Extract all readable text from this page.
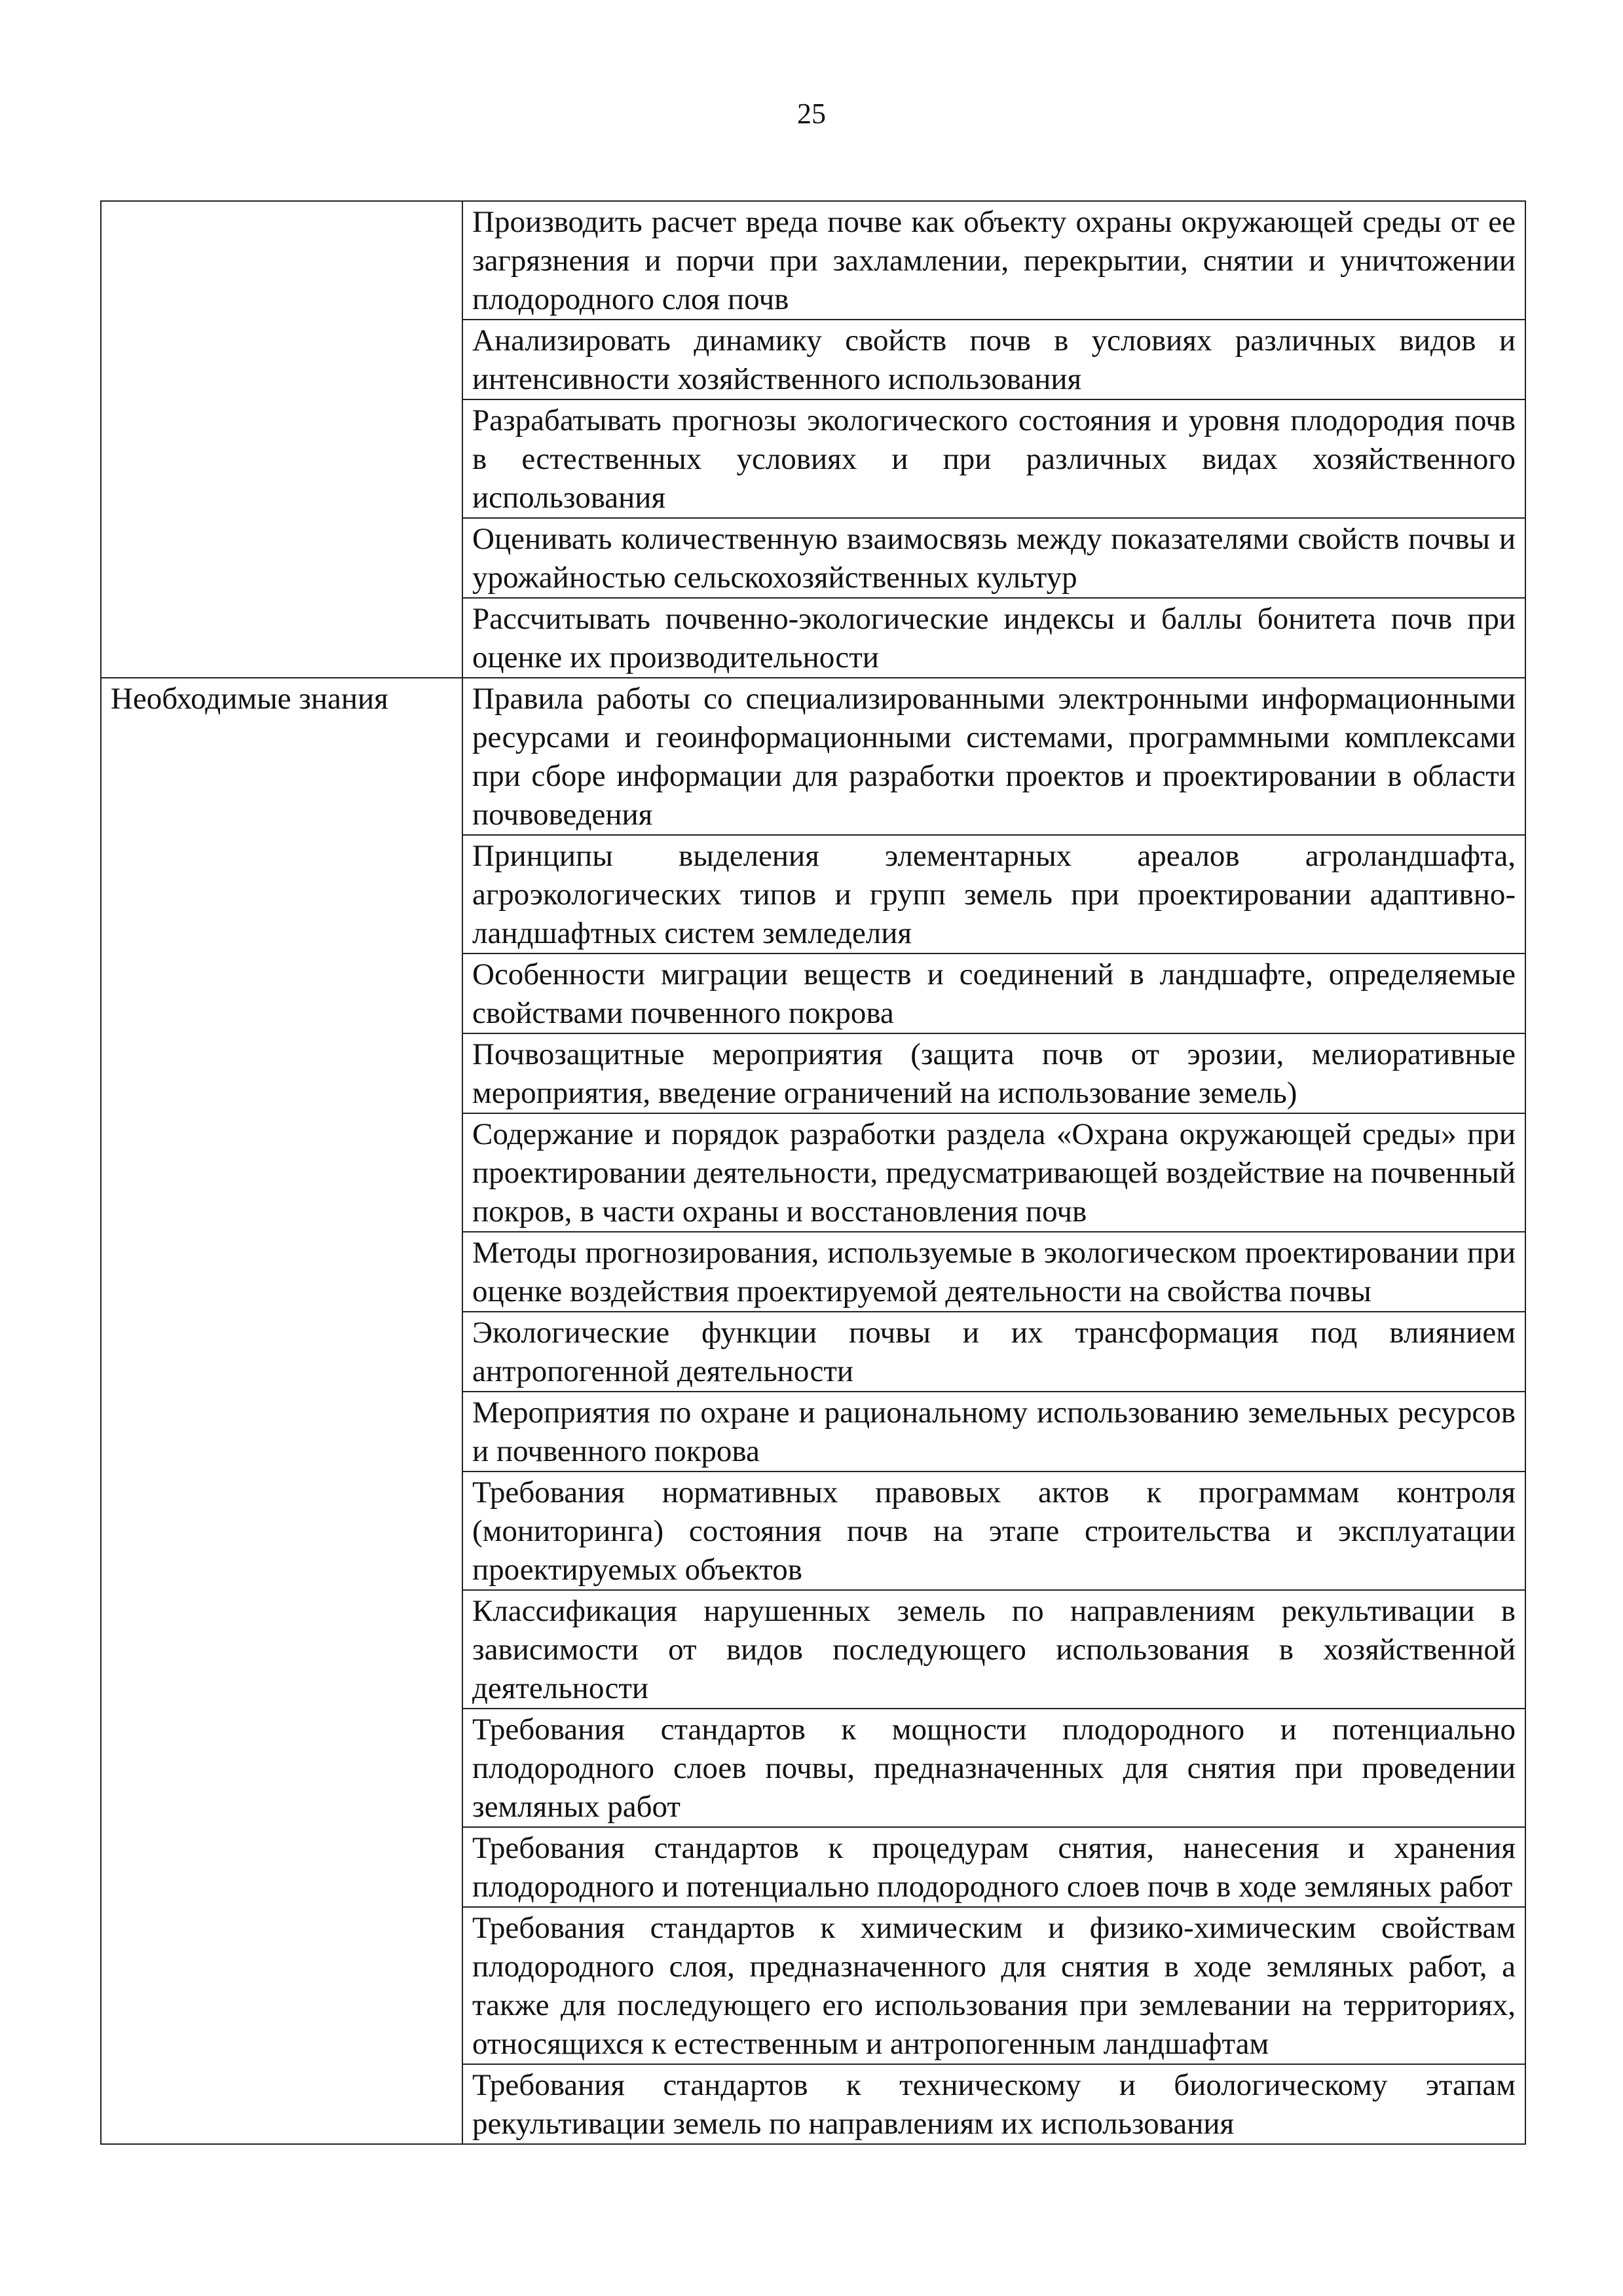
25
	Производить расчет вреда почве как объекту охраны окружающей среды от ее загрязнения и порчи при захламлении, перекрытии, снятии и уничтожении плодородного слоя почв
	Анализировать динамику свойств почв в условиях различных видов и интенсивности хозяйственного использования
	Разрабатывать прогнозы экологического состояния и уровня плодородия почв в естественных условиях и при различных видах хозяйственного использования
	Оценивать количественную взаимосвязь между показателями свойств почвы и урожайностью сельскохозяйственных культур
	Рассчитывать почвенно-экологические индексы и баллы бонитета почв при оценке их производительности
Необходимые знания	Правила работы со специализированными электронными информационными ресурсами и геоинформационными системами, программными комплексами при сборе информации для разработки проектов и проектировании в области почвоведения
	Принципы выделения элементарных ареалов агроландшафта, агроэкологических типов и групп земель при проектировании адаптивно-ландшафтных систем земледелия
	Особенности миграции веществ и соединений в ландшафте, определяемые свойствами почвенного покрова
	Почвозащитные мероприятия (защита почв от эрозии, мелиоративные мероприятия, введение ограничений на использование земель)
	Содержание и порядок разработки раздела «Охрана окружающей среды» при проектировании деятельности, предусматривающей воздействие на почвенный покров, в части охраны и восстановления почв
	Методы прогнозирования, используемые в экологическом проектировании при оценке воздействия проектируемой деятельности на свойства почвы
	Экологические функции почвы и их трансформация под влиянием антропогенной деятельности
	Мероприятия по охране и рациональному использованию земельных ресурсов и почвенного покрова
	Требования нормативных правовых актов к программам контроля (мониторинга) состояния почв на этапе строительства и эксплуатации проектируемых объектов
	Классификация нарушенных земель по направлениям рекультивации в зависимости от видов последующего использования в хозяйственной деятельности
	Требования стандартов к мощности плодородного и потенциально плодородного слоев почвы, предназначенных для снятия при проведении земляных работ
	Требования стандартов к процедурам снятия, нанесения и хранения плодородного и потенциально плодородного слоев почв в ходе земляных работ
	Требования стандартов к химическим и физико-химическим свойствам плодородного слоя, предназначенного для снятия в ходе земляных работ, а также для последующего его использования при землевании на территориях, относящихся к естественным и антропогенным ландшафтам
	Требования стандартов к техническому и биологическому этапам рекультивации земель по направлениям их использования
